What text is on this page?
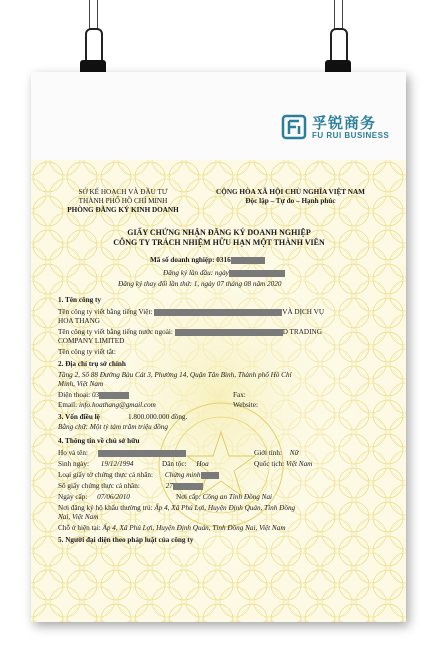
孚锐商务
FU RUI BUSINESS
SỞ KẾ HOẠCH VÀ ĐẦU TƯ
THÀNH PHỐ HỒ CHÍ MINH
PHÒNG ĐĂNG KÝ KINH DOANH
CỘNG HÒA XÃ HỘI CHỦ NGHĨA VIỆT NAM
Độc lập – Tự do – Hạnh phúc
GIẤY CHỨNG NHẬN ĐĂNG KÝ DOANH NGHIỆP
CÔNG TY TRÁCH NHIỆM HỮU HẠN MỘT THÀNH VIÊN
Mã số doanh nghiệp: 0316
Đăng ký lần đầu: ngày
Đăng ký thay đổi lần thứ: 1, ngày 07 tháng 08 năm 2020
1. Tên công ty
Tên công ty viết bằng tiếng Việt:	VÀ DỊCH VỤ
HOA THANG
Tên công ty viết bằng tiếng nước ngoài:	D TRADING
COMPANY LIMITED
Tên công ty viết tắt:
2. Địa chỉ trụ sở chính
Tầng 2, Số 88 Đường Bàu Cát 3, Phường 14, Quận Tân Bình, Thành phố Hồ Chí
Minh, Việt Nam
Điện thoại: 03	Fax:
Email: info.hoathang@gmail.com	Website:
3. Vốn điều lệ	1.800.000.000 đồng.
Bằng chữ: Một tỷ tám trăm triệu đồng
4. Thông tin về chủ sở hữu
Họ và tên:	Giới tính: Nữ
Sinh ngày: 19/12/1994	Dân tộc: Hoa	Quốc tịch: Việt Nam
Loại giấy tờ chứng thực cá nhân: Chứng minh
Số giấy chứng thực cá nhân:	27
Ngày cấp: 07/06/2010	Nơi cấp: Công an Tỉnh Đồng Nai
Nơi đăng ký hộ khẩu thường trú: Ấp 4, Xã Phú Lợi, Huyện Định Quán, Tỉnh Đồng
Nai, Việt Nam
Chỗ ở hiện tại: Ấp 4, Xã Phú Lợi, Huyện Định Quán, Tỉnh Đồng Nai, Việt Nam
5. Người đại diện theo pháp luật của công ty
